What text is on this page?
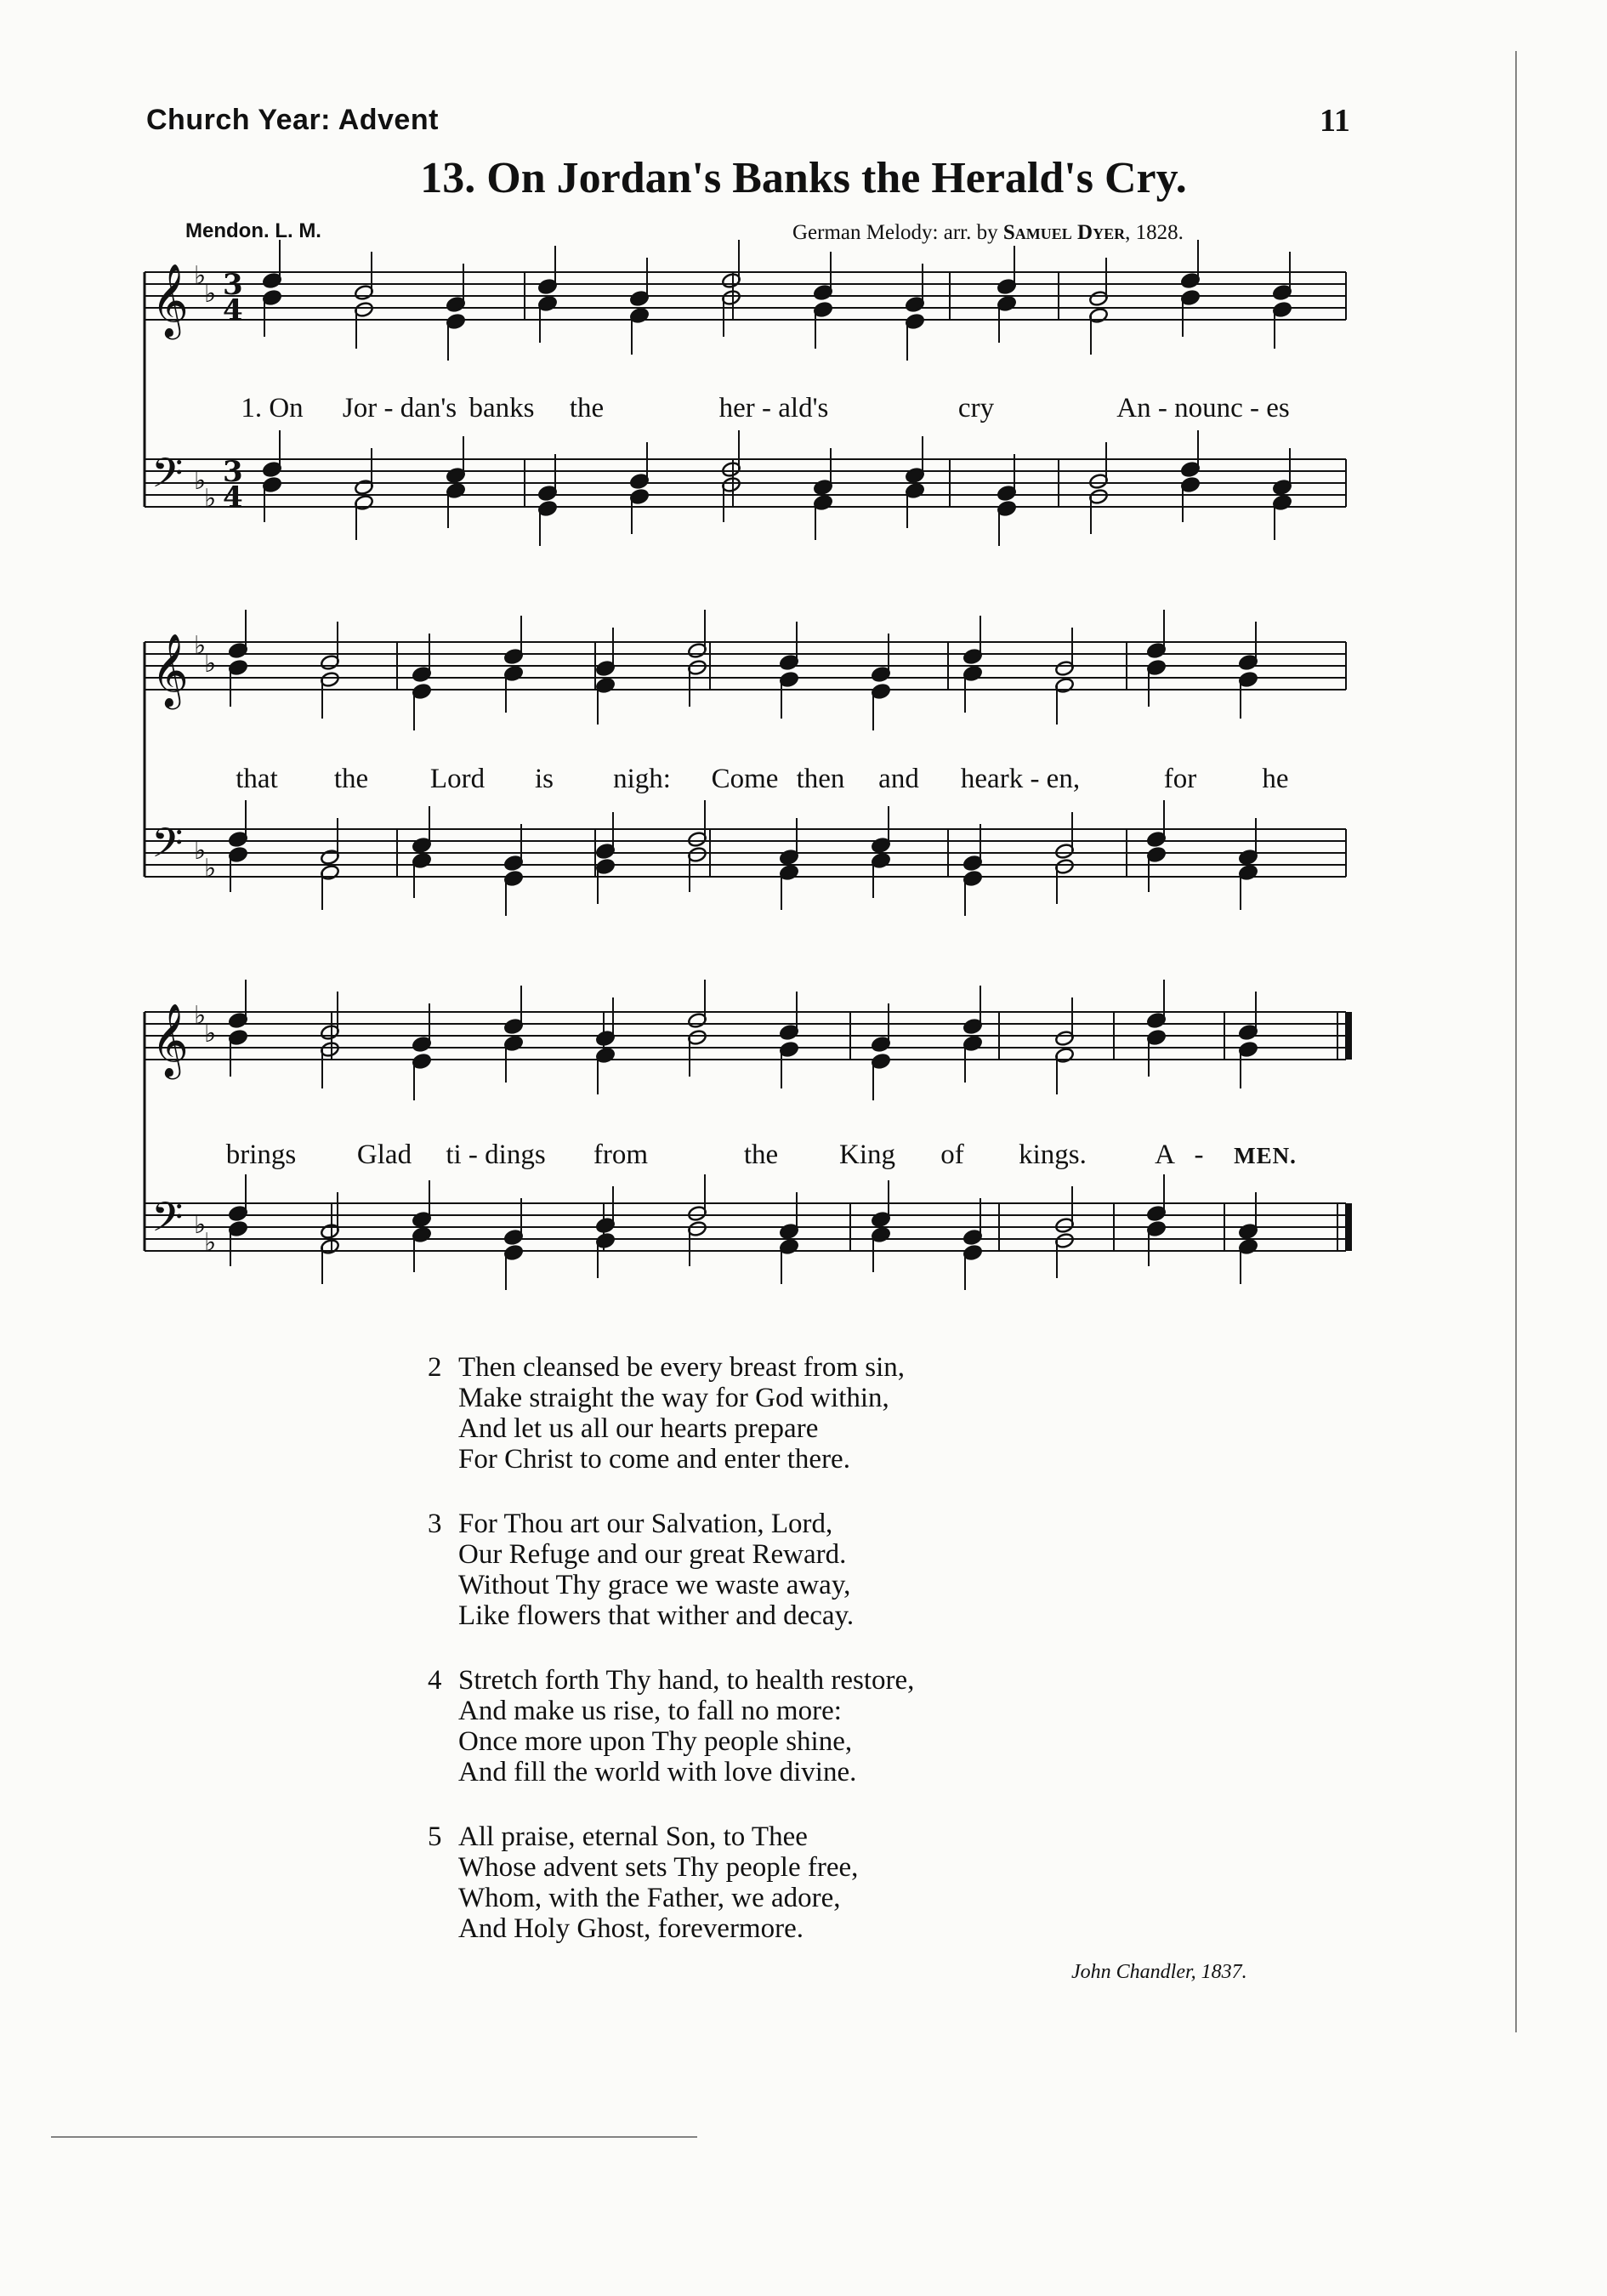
Church Year: Advent	11
13. On Jordan's Banks the Herald's Cry.
Mendon. L. M.	German Melody: arr. by Samuel Dyer, 1828.
𝄞 ♭
♭ 3
4
𝄢 ♭
♭
3
4
𝄞 ♭
♭
𝄢 ♭
♭
𝄞 ♭
♭
𝄢 ♭
♭
1. On Jor - dan's banks the	her - ald's	cry	An - nounc - es
that the Lord is nigh: Come then and heark - en,	for he
brings Glad ti - dings from	the King of kings. A - MEN.
2 Then cleansed be every breast from sin,
Make straight the way for God within,
And let us all our hearts prepare
For Christ to come and enter there.
3 For Thou art our Salvation, Lord,
Our Refuge and our great Reward.
Without Thy grace we waste away,
Like flowers that wither and decay.
4 Stretch forth Thy hand, to health restore,
And make us rise, to fall no more:
Once more upon Thy people shine,
And fill the world with love divine.
5 All praise, eternal Son, to Thee
Whose advent sets Thy people free,
Whom, with the Father, we adore,
And Holy Ghost, forevermore.
John Chandler, 1837.
